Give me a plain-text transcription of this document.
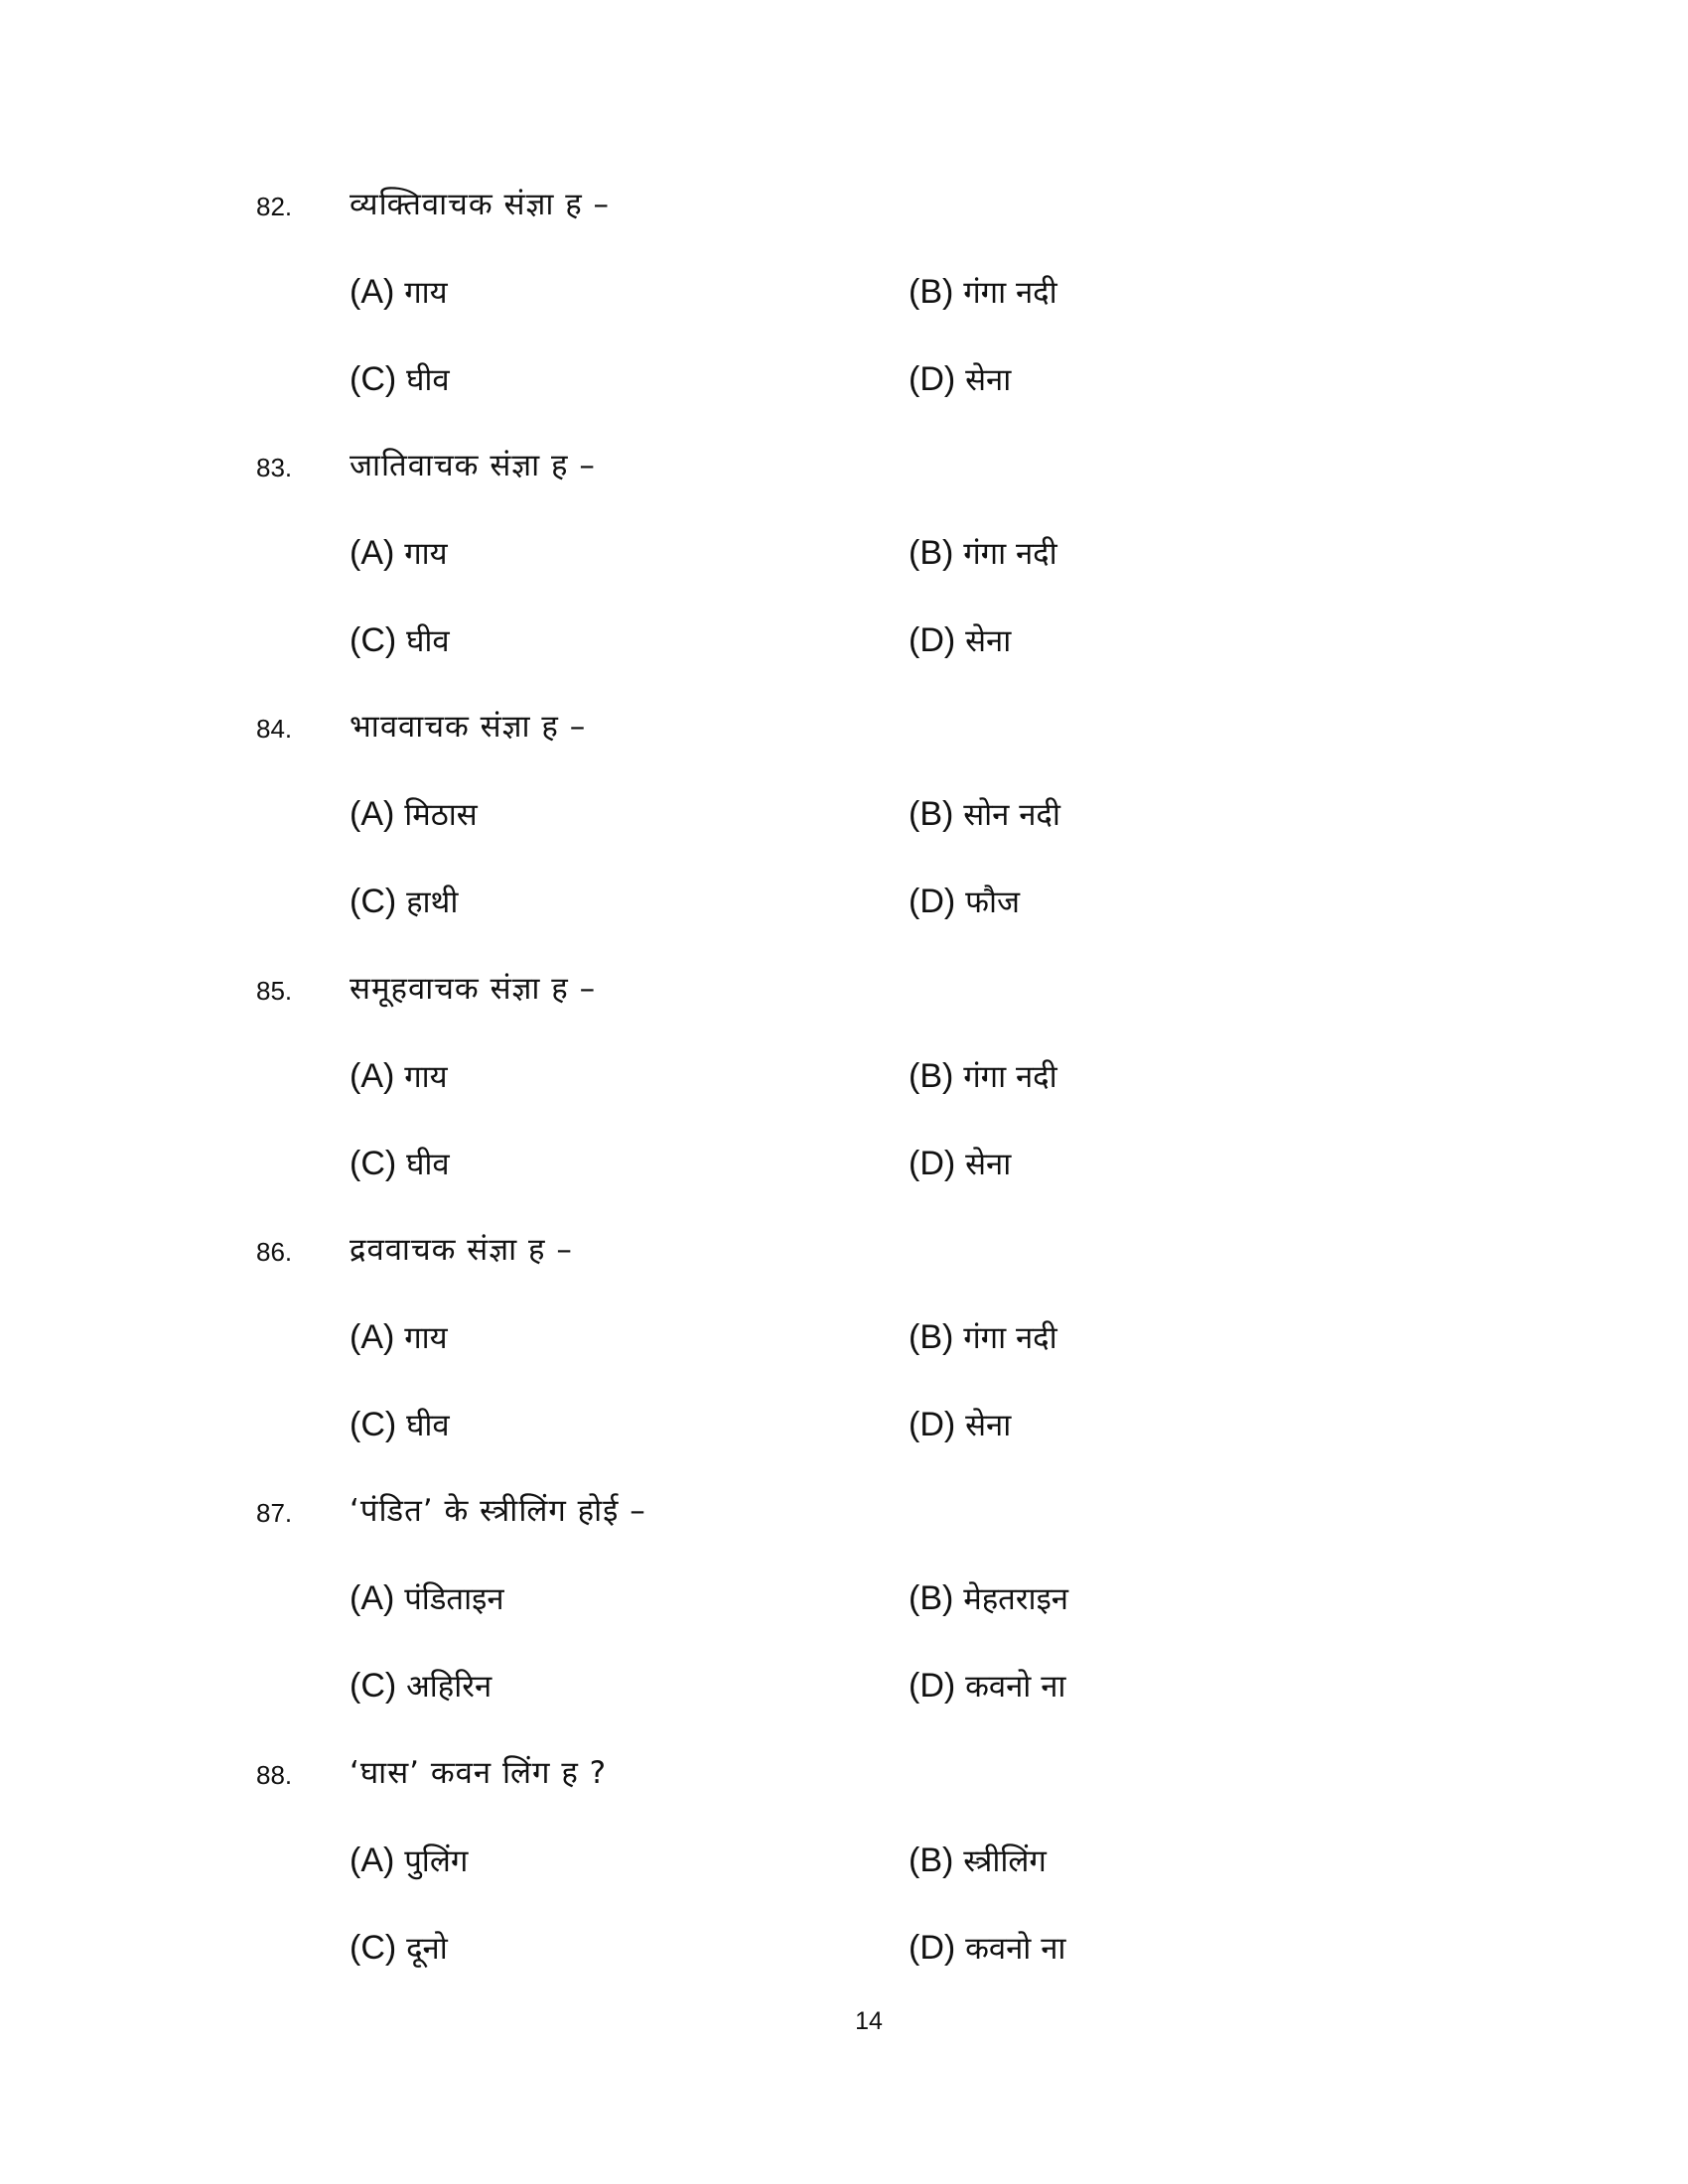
82. व्यक्तिवाचक संज्ञा ह –
(A) गाय	(B) गंगा नदी
(C) घीव	(D) सेना
83. जातिवाचक संज्ञा ह –
(A) गाय	(B) गंगा नदी
(C) घीव	(D) सेना
84. भाववाचक संज्ञा ह –
(A) मिठास	(B) सोन नदी
(C) हाथी	(D) फौज
85. समूहवाचक संज्ञा ह –
(A) गाय	(B) गंगा नदी
(C) घीव	(D) सेना
86. द्रववाचक संज्ञा ह –
(A) गाय	(B) गंगा नदी
(C) घीव	(D) सेना
87. ‘पंडित’ के स्त्रीलिंग होई –
(A) पंडिताइन	(B) मेहतराइन
(C) अहिरिन	(D) कवनो ना
88. ‘घास’ कवन लिंग ह ?
(A) पुलिंग	(B) स्त्रीलिंग
(C) दूनो	(D) कवनो ना
14
